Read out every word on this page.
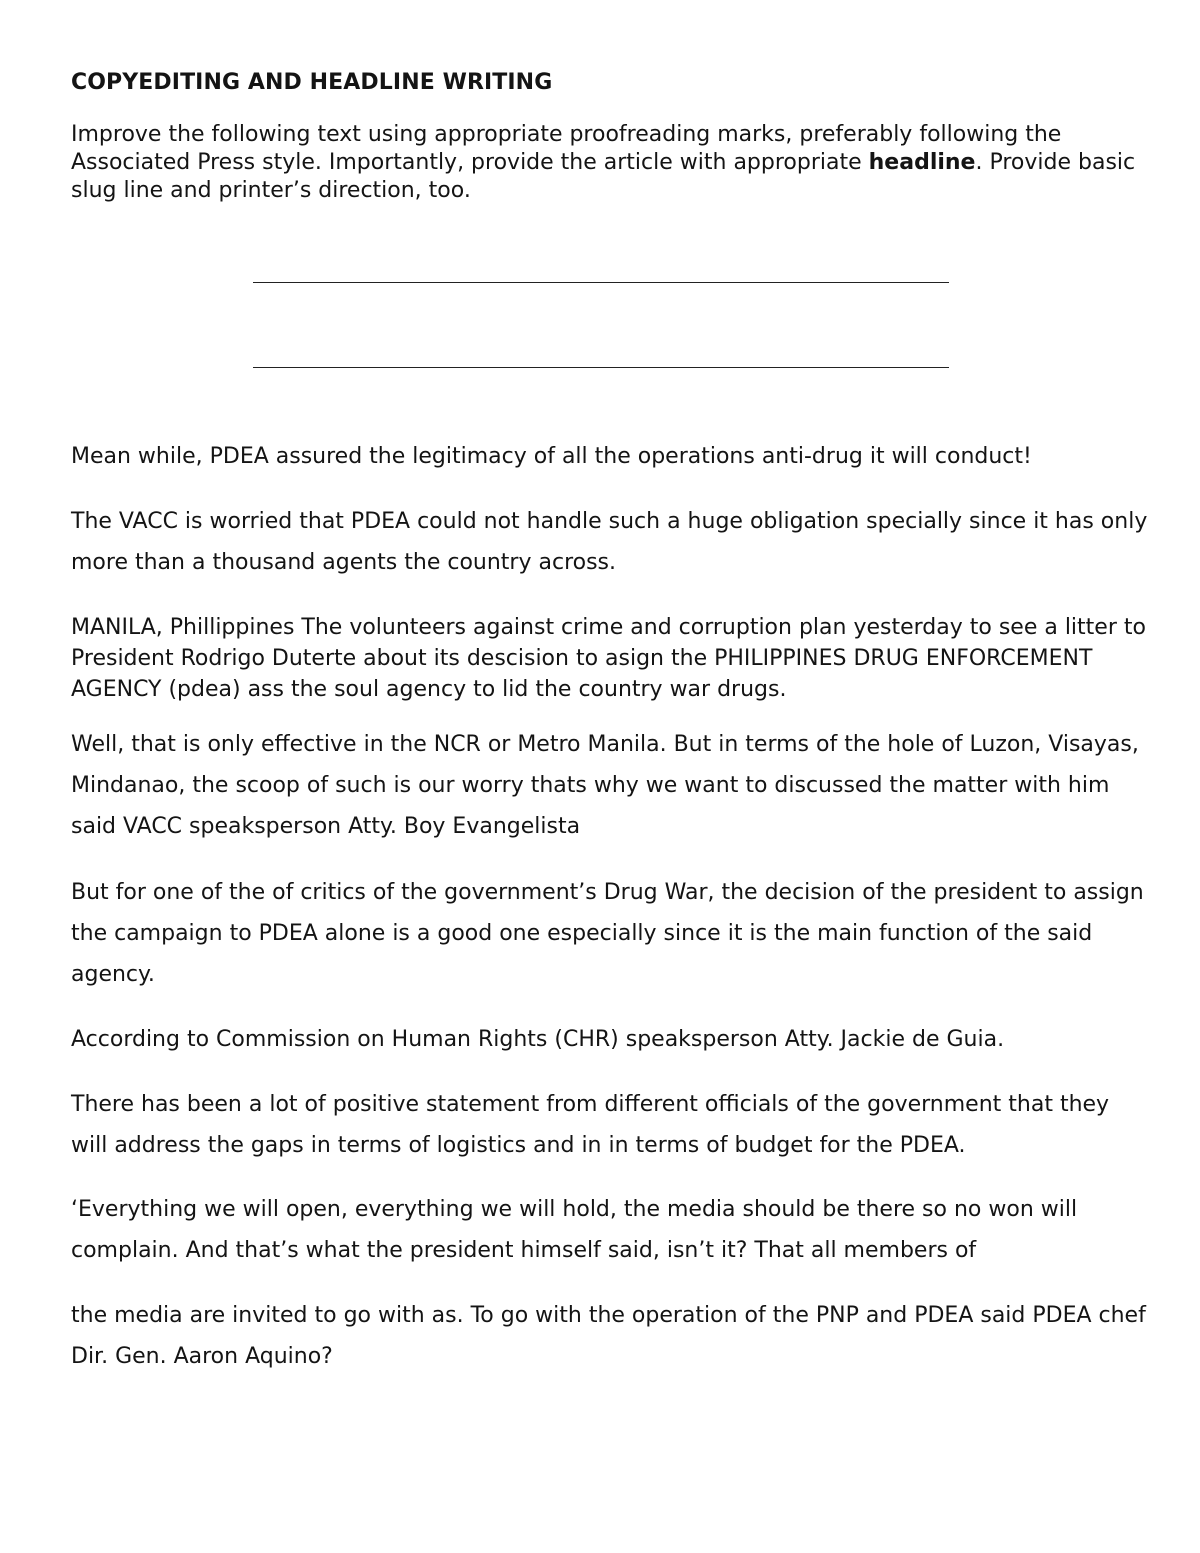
COPYEDITING AND HEADLINE WRITING

Improve the following text using appropriate proofreading marks, preferably following the Associated Press style. Importantly, provide the article with appropriate headline. Provide basic slug line and printer’s direction, too.

Mean while, PDEA assured the legitimacy of all the operations anti-drug it will conduct!

The VACC is worried that PDEA could not handle such a huge obligation specially since it has only more than a thousand agents the country across.

MANILA, Phillippines The volunteers against crime and corruption plan yesterday to see a litter to President Rodrigo Duterte about its descision to asign the PHILIPPINES DRUG ENFORCEMENT AGENCY (pdea) ass the soul agency to lid the country war drugs.

Well, that is only effective in the NCR or Metro Manila. But in terms of the hole of Luzon, Visayas, Mindanao, the scoop of such is our worry thats why we want to discussed the matter with him said VACC speaksperson Atty. Boy Evangelista

But for one of the of critics of the government’s Drug War, the decision of the president to assign the campaign to PDEA alone is a good one especially since it is the main function of the said agency.

According to Commission on Human Rights (CHR) speaksperson Atty. Jackie de Guia.

There has been a lot of positive statement from different officials of the government that they will address the gaps in terms of logistics and in in terms of budget for the PDEA.

‘Everything we will open, everything we will hold, the media should be there so no won will complain. And that’s what the president himself said, isn’t it? That all members of

the media are invited to go with as. To go with the operation of the PNP and PDEA said PDEA chef Dir. Gen. Aaron Aquino?
